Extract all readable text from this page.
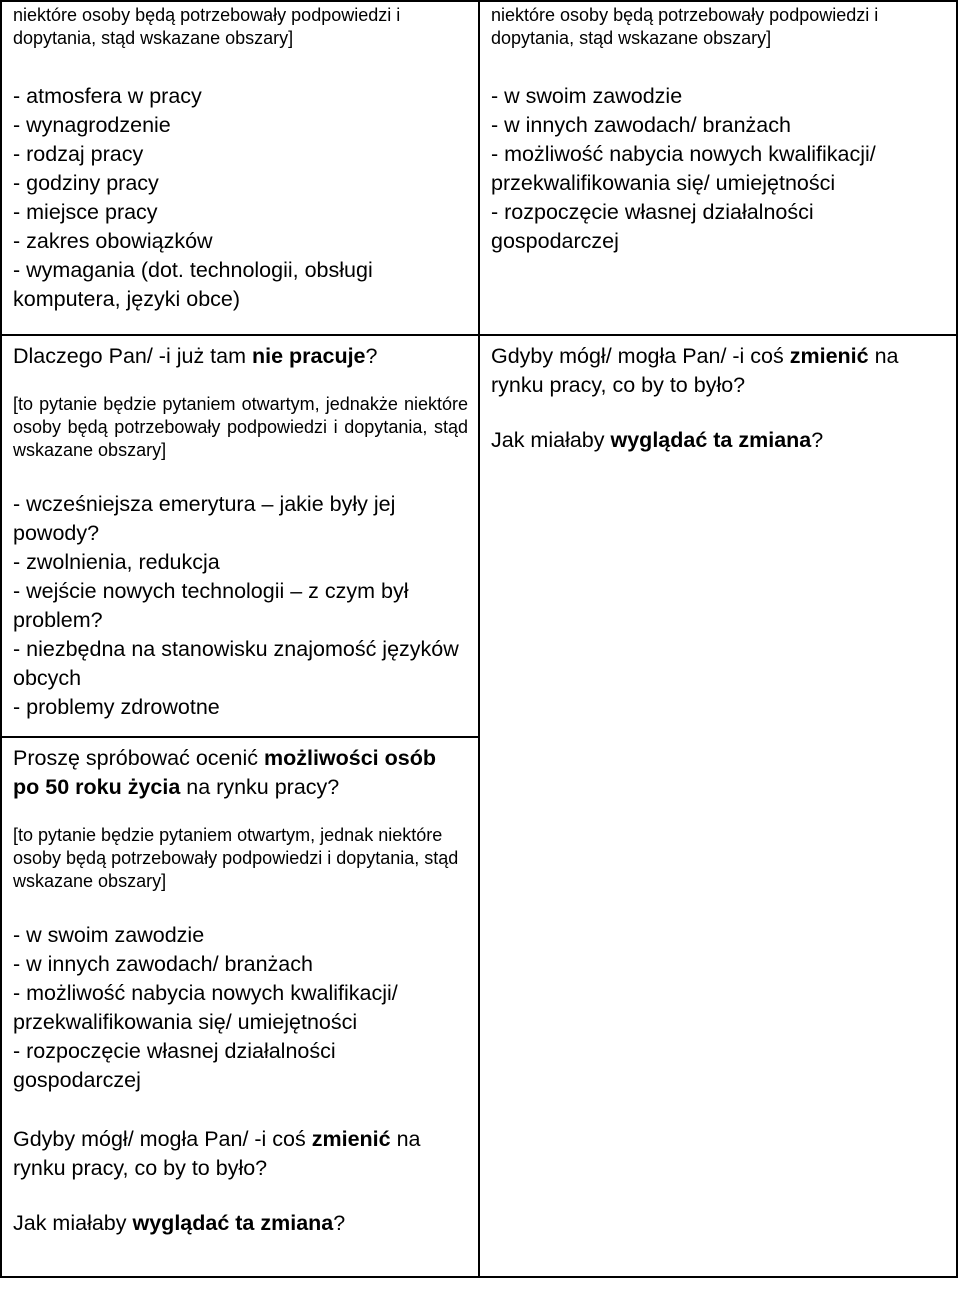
niektóre osoby będą potrzebowały podpowiedzi i dopytania, stąd wskazane obszary]

- atmosfera w pracy
- wynagrodzenie
- rodzaj pracy
- godziny pracy
- miejsce pracy
- zakres obowiązków
- wymagania (dot. technologii, obsługi komputera, języki obce)

niektóre osoby będą potrzebowały podpowiedzi i dopytania, stąd wskazane obszary]

- w swoim zawodzie
- w innych zawodach/ branżach
- możliwość nabycia nowych kwalifikacji/ przekwalifikowania się/ umiejętności
- rozpoczęcie własnej działalności gospodarczej

Dlaczego Pan/ -i już tam nie pracuje?

[to pytanie będzie pytaniem otwartym, jednakże niektóre osoby będą potrzebowały podpowiedzi i dopytania, stąd wskazane obszary]

- wcześniejsza emerytura – jakie były jej powody?
- zwolnienia, redukcja
- wejście nowych technologii – z czym był problem?
- niezbędna na stanowisku znajomość języków obcych
- problemy zdrowotne

Gdyby mógł/ mogła Pan/ -i coś zmienić na rynku pracy, co by to było?

Jak miałaby wyglądać ta zmiana?

Proszę spróbować ocenić możliwości osób po 50 roku życia na rynku pracy?

[to pytanie będzie pytaniem otwartym, jednak niektóre osoby będą potrzebowały podpowiedzi i dopytania, stąd wskazane obszary]

- w swoim zawodzie
- w innych zawodach/ branżach
- możliwość nabycia nowych kwalifikacji/ przekwalifikowania się/ umiejętności
- rozpoczęcie własnej działalności gospodarczej

Gdyby mógł/ mogła Pan/ -i coś zmienić na rynku pracy, co by to było?

Jak miałaby wyglądać ta zmiana?
